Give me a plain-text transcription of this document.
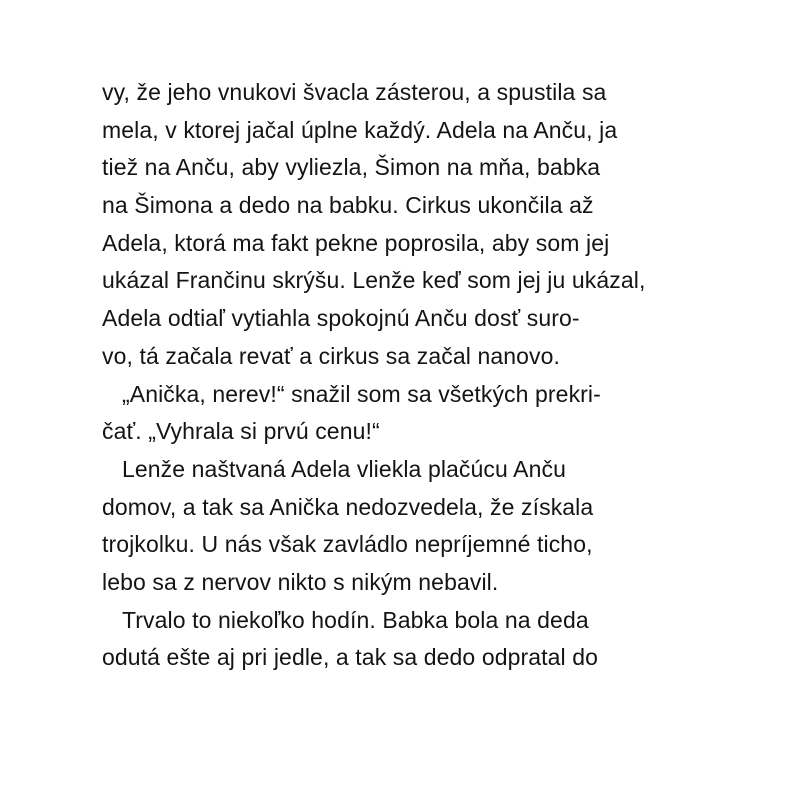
vy, že jeho vnukovi švacla zásterou, a spustila sa
mela, v ktorej jačal úplne každý. Adela na Anču, ja
tiež na Anču, aby vyliezla, Šimon na mňa, babka
na Šimona a dedo na babku. Cirkus ukončila až
Adela, ktorá ma fakt pekne poprosila, aby som jej
ukázal Frančinu skrýšu. Lenže keď som jej ju ukázal,
Adela odtiaľ vytiahla spokojnú Anču dosť suro-
vo, tá začala revať a cirkus sa začal nanovo.
„Anička, nerev!“ snažil som sa všetkých prekri-
čať. „Vyhrala si prvú cenu!“
Lenže naštvaná Adela vliekla plačúcu Anču
domov, a tak sa Anička nedozvedela, že získala
trojkolku. U nás však zavládlo nepríjemné ticho,
lebo sa z nervov nikto s nikým nebavil.
Trvalo to niekoľko hodín. Babka bola na deda
odutá ešte aj pri jedle, a tak sa dedo odpratal do
